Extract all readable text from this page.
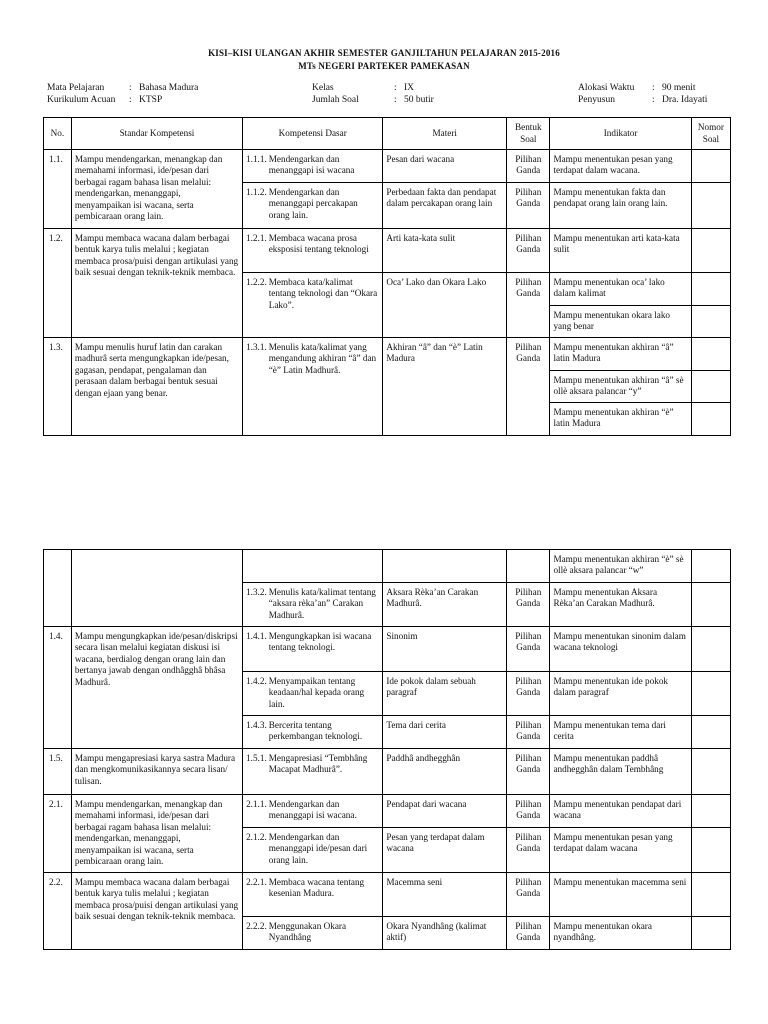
KISI–KISI ULANGAN AKHIR SEMESTER GANJILTAHUN PELAJARAN 2015-2016
MTs NEGERI PARTEKER PAMEKASAN
Mata Pelajaran	: Bahasa Madura
Kurikulum Acuan : KTSP
Kelas	: IX
Jumlah Soal	: 50 butir
Alokasi Waktu : 90 menit
Penyusun	: Dra. Idayati
No.	Standar Kompetensi	Kompetensi Dasar	Materi	Bentuk Soal	Indikator	Nomor Soal
1.1.	Mampu mendengarkan, menangkap dan memahami informasi, ide/pesan dari berbagai ragam bahasa lisan melalui: mendengarkan, menanggapi, menyampaikan isi wacana, serta pembicaraan orang lain.	1.1.1. Mendengarkan dan menanggapi isi wacana	Pesan dari wacana	Pilihan Ganda	Mampu menentukan pesan yang terdapat dalam wacana.	

		1.1.2. Mendengarkan dan menanggapi percakapan orang lain.	Perbedaan fakta dan pendapat dalam percakapan orang lain	Pilihan Ganda	Mampu menentukan fakta dan pendapat orang lain orang lain.	
1.2.	Mampu membaca wacana dalam berbagai bentuk karya tulis melalui ; kegiatan membaca prosa/puisi dengan artikulasi yang baik sesuai dengan teknik-teknik membaca.	1.2.1. Membaca wacana prosa eksposisi tentang teknologi	Arti kata-kata sulit	Pilihan Ganda	Mampu menentukan arti kata-kata sulit	

		1.2.2. Membaca kata/kalimat tentang teknologi dan “Okara Lako”.	Oca’ Lako dan Okara Lako	Pilihan Ganda	Mampu menentukan oca’ lako dalam kalimat	
					Mampu menentukan okara lako yang benar	
1.3.	Mampu menulis huruf latin dan carakan madhurâ serta mengungkapkan ide/pesan, gagasan, pendapat, pengalaman dan perasaan dalam berbagai bentuk sesuai dengan ejaan yang benar.	1.3.1. Menulis kata/kalimat yang mengandung akhiran “â” dan “è” Latin Madhurâ.	Akhiran “â” dan “è” Latin Madura	Pilihan Ganda	Mampu menentukan akhiran “â” latin Madura	
					Mampu menentukan akhiran “â” sè ollè aksara palancar “y”	
					Mampu menentukan akhiran “è” latin Madura	
					Mampu menentukan akhiran “è” sè ollè aksara palancar “w”	

		1.3.2. Menulis kata/kalimat tentang “aksara rèka’an” Carakan Madhurâ.	Aksara Rèka’an Carakan Madhurâ.	Pilihan Ganda	Mampu menentukan Aksara Rèka’an Carakan Madhurâ.	
1.4.	Mampu mengungkapkan ide/pesan/diskripsi secara lisan melalui kegiatan diskusi isi wacana, berdialog dengan orang lain dan bertanya jawab dengan ondhâgghâ bhâsa Madhurâ.	1.4.1. Mengungkapkan isi wacana tentang teknologi.	Sinonim	Pilihan Ganda	Mampu menentukan sinonim dalam wacana teknologi	

		1.4.2. Menyampaikan tentang keadaan/hal kepada orang lain.	Ide pokok dalam sebuah paragraf	Pilihan Ganda	Mampu menentukan ide pokok dalam paragraf	

		1.4.3. Bercerita tentang perkembangan teknologi.	Tema dari cerita	Pilihan Ganda	Mampu menentukan tema dari cerita	
1.5.	Mampu mengapresiasi karya sastra Madura dan mengkomunikasikannya secara lisan/ tulisan.	1.5.1. Mengapresiasi “Tembhâng Macapat Madhurâ”.	Paddhâ andhegghân	Pilihan Ganda	Mampu menentukan paddhâ andhegghân dalam Tembhâng	
2.1.	Mampu mendengarkan, menangkap dan memahami informasi, ide/pesan dari berbagai ragam bahasa lisan melalui: mendengarkan, menanggapi, menyampaikan isi wacana, serta pembicaraan orang lain.	2.1.1. Mendengarkan dan menanggapi isi wacana.	Pendapat dari wacana	Pilihan Ganda	Mampu menentukan pendapat dari wacana	

		2.1.2. Mendengarkan dan menanggapi ide/pesan dari orang lain.	Pesan yang terdapat dalam wacana	Pilihan Ganda	Mampu menentukan pesan yang terdapat dalam wacana	
2.2.	Mampu membaca wacana dalam berbagai bentuk karya tulis melalui ; kegiatan membaca prosa/puisi dengan artikulasi yang baik sesuai dengan teknik-teknik membaca.	2.2.1. Membaca wacana tentang kesenian Madura.	Macemma seni	Pilihan Ganda	Mampu menentukan macemma seni	

		2.2.2. Menggunakan Okara Nyandhâng	Okara Nyandhâng (kalimat aktif)	Pilihan Ganda	Mampu menentukan okara nyandhâng.	
